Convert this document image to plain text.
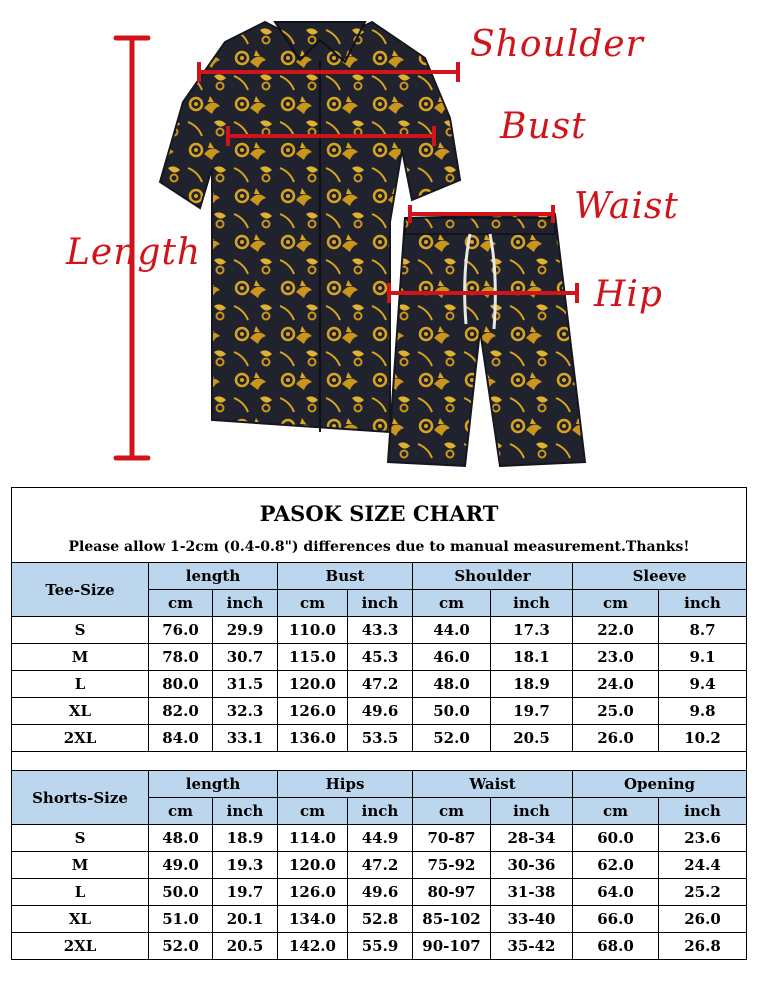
Shoulder
Bust
Waist
Hip
Length
PASOK SIZE CHART								
Please allow 1-2cm (0.4-0.8") differences due to manual measurement.Thanks!								
Tee-Size	length		Bust		Shoulder		Sleeve	
	cm	inch	cm	inch	cm	inch	cm	inch
S	76.0	29.9	110.0	43.3	44.0	17.3	22.0	8.7
M	78.0	30.7	115.0	45.3	46.0	18.1	23.0	9.1
L	80.0	31.5	120.0	47.2	48.0	18.9	24.0	9.4
XL	82.0	32.3	126.0	49.6	50.0	19.7	25.0	9.8
2XL	84.0	33.1	136.0	53.5	52.0	20.5	26.0	10.2

Shorts-Size	length		Hips		Waist		Opening	
	cm	inch	cm	inch	cm	inch	cm	inch
S	48.0	18.9	114.0	44.9	70-87	28-34	60.0	23.6
M	49.0	19.3	120.0	47.2	75-92	30-36	62.0	24.4
L	50.0	19.7	126.0	49.6	80-97	31-38	64.0	25.2
XL	51.0	20.1	134.0	52.8	85-102	33-40	66.0	26.0
2XL	52.0	20.5	142.0	55.9	90-107	35-42	68.0	26.8
